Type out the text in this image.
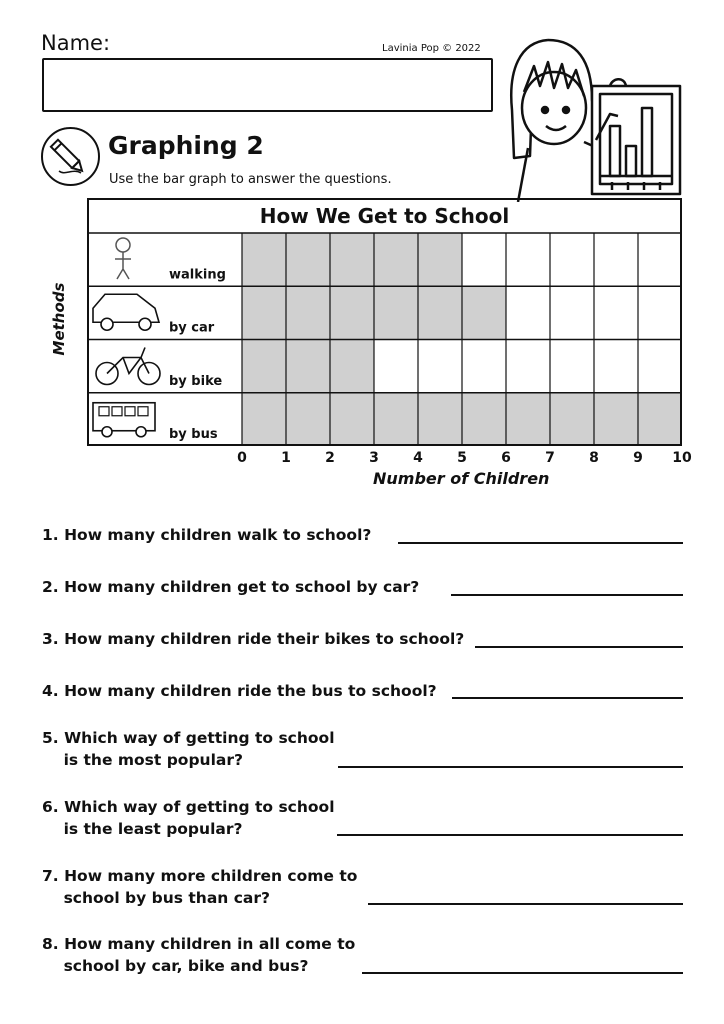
Name:	Lavinia Pop © 2022
Graphing 2
Use the bar graph to answer the questions.
Methods
How We Get to School
walking
by car
by bike
by bus
0	1	2	3	4	5	6	7	8	9	10
Number of Children
1. How many children walk to school?
2. How many children get to school by car?
3. How many children ride their bikes to school?
4. How many children ride the bus to school?
5. Which way of getting to school
is the most popular?
6. Which way of getting to school
is the least popular?
7. How many more children come to
school by bus than car?
8. How many children in all come to
school by car, bike and bus?
